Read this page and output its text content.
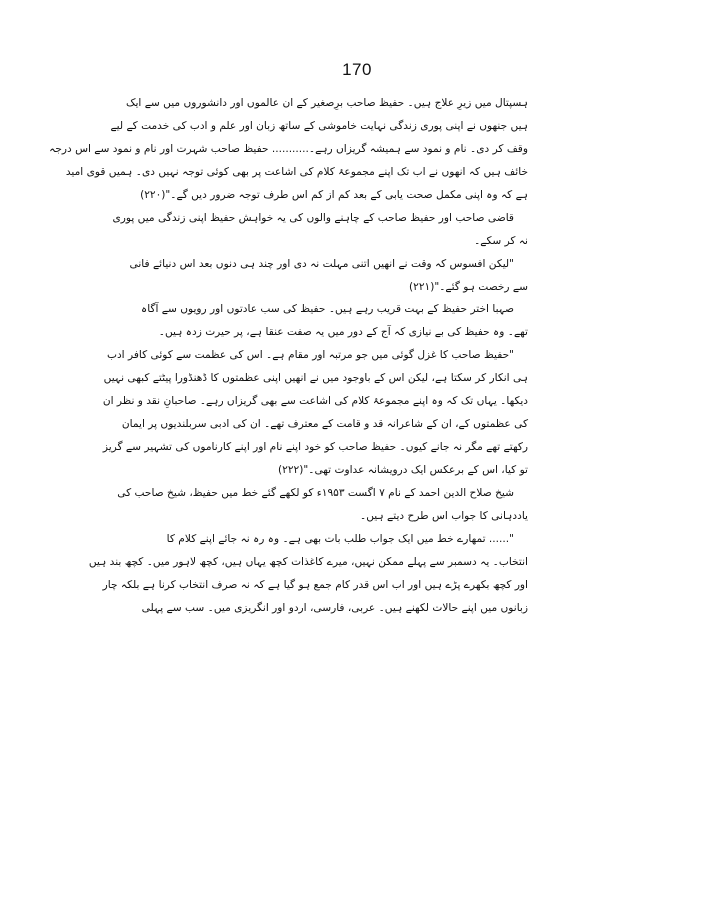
170
ہسپتال میں زیرِ علاج ہیں۔ حفیظ صاحب برِصغیر کے ان عالموں اور دانشوروں میں سے ایک
ہیں جنھوں نے اپنی پوری زندگی نہایت خاموشی کے ساتھ زبان اور علم و ادب کی خدمت کے لیے
وقف کر دی۔ نام و نمود سے ہمیشہ گریزاں رہے۔........... حفیظ صاحب شہرت اور نام و نمود سے اس درجہ
خائف ہیں کہ انھوں نے اب تک اپنے مجموعۂ کلام کی اشاعت پر بھی کوئی توجہ نہیں دی۔ ہمیں قوی امید
ہے کہ وہ اپنی مکمل صحت یابی کے بعد کم از کم اس طرف توجہ ضرور دیں گے۔"(۲۲۰)
قاضی صاحب اور حفیظ صاحب کے چاہنے والوں کی یہ خواہش حفیظ اپنی زندگی میں پوری
نہ کر سکے۔
"لیکن افسوس کہ وقت نے انھیں اتنی مہلت نہ دی اور چند ہی دنوں بعد اس دنیائے فانی
سے رخصت ہو گئے۔"(۲۲۱)
صہبا اختر حفیظ کے بہت قریب رہے ہیں۔ حفیظ کی سب عادتوں اور رویوں سے آگاہ
تھے۔ وہ حفیظ کی بے نیازی کہ آج کے دور میں یہ صفت عنقا ہے، پر حیرت زدہ ہیں۔
"حفیظ صاحب کا غزل گوئی میں جو مرتبہ اور مقام ہے۔ اس کی عظمت سے کوئی کافر ادب
ہی انکار کر سکتا ہے، لیکن اس کے باوجود میں نے انھیں اپنی عظمتوں کا ڈھنڈورا پیٹتے کبھی نہیں
دیکھا۔ یہاں تک کہ وہ اپنے مجموعۂ کلام کی اشاعت سے بھی گریزاں رہے۔ صاحبانِ نقد و نظر ان
کی عظمتوں کے، ان کے شاعرانہ قد و قامت کے معترف تھے۔ ان کی ادبی سربلندیوں پر ایمان
رکھتے تھے مگر نہ جانے کیوں۔ حفیظ صاحب کو خود اپنے نام اور اپنے کارناموں کی تشہیر سے گریز
تو کیا، اس کے برعکس ایک درویشانہ عداوت تھی۔"(۲۲۲)
شیخ صلاح الدین احمد کے نام ۷ اگست ۱۹۵۳ء کو لکھے گئے خط میں حفیظ، شیخ صاحب کی
یاددہانی کا جواب اس طرح دیتے ہیں۔
"...... تمھارے خط میں ایک جواب طلب بات بھی ہے۔ وہ رہ نہ جائے اپنے کلام کا
انتخاب۔ یہ دسمبر سے پہلے ممکن نہیں، میرے کاغذات کچھ یہاں ہیں، کچھ لاہور میں۔ کچھ بند ہیں
اور کچھ بکھرے پڑے ہیں اور اب اس قدر کام جمع ہو گیا ہے کہ نہ صرف انتخاب کرنا ہے بلکہ چار
زبانوں میں اپنے حالات لکھنے ہیں۔ عربی، فارسی، اردو اور انگریزی میں۔ سب سے پہلی
